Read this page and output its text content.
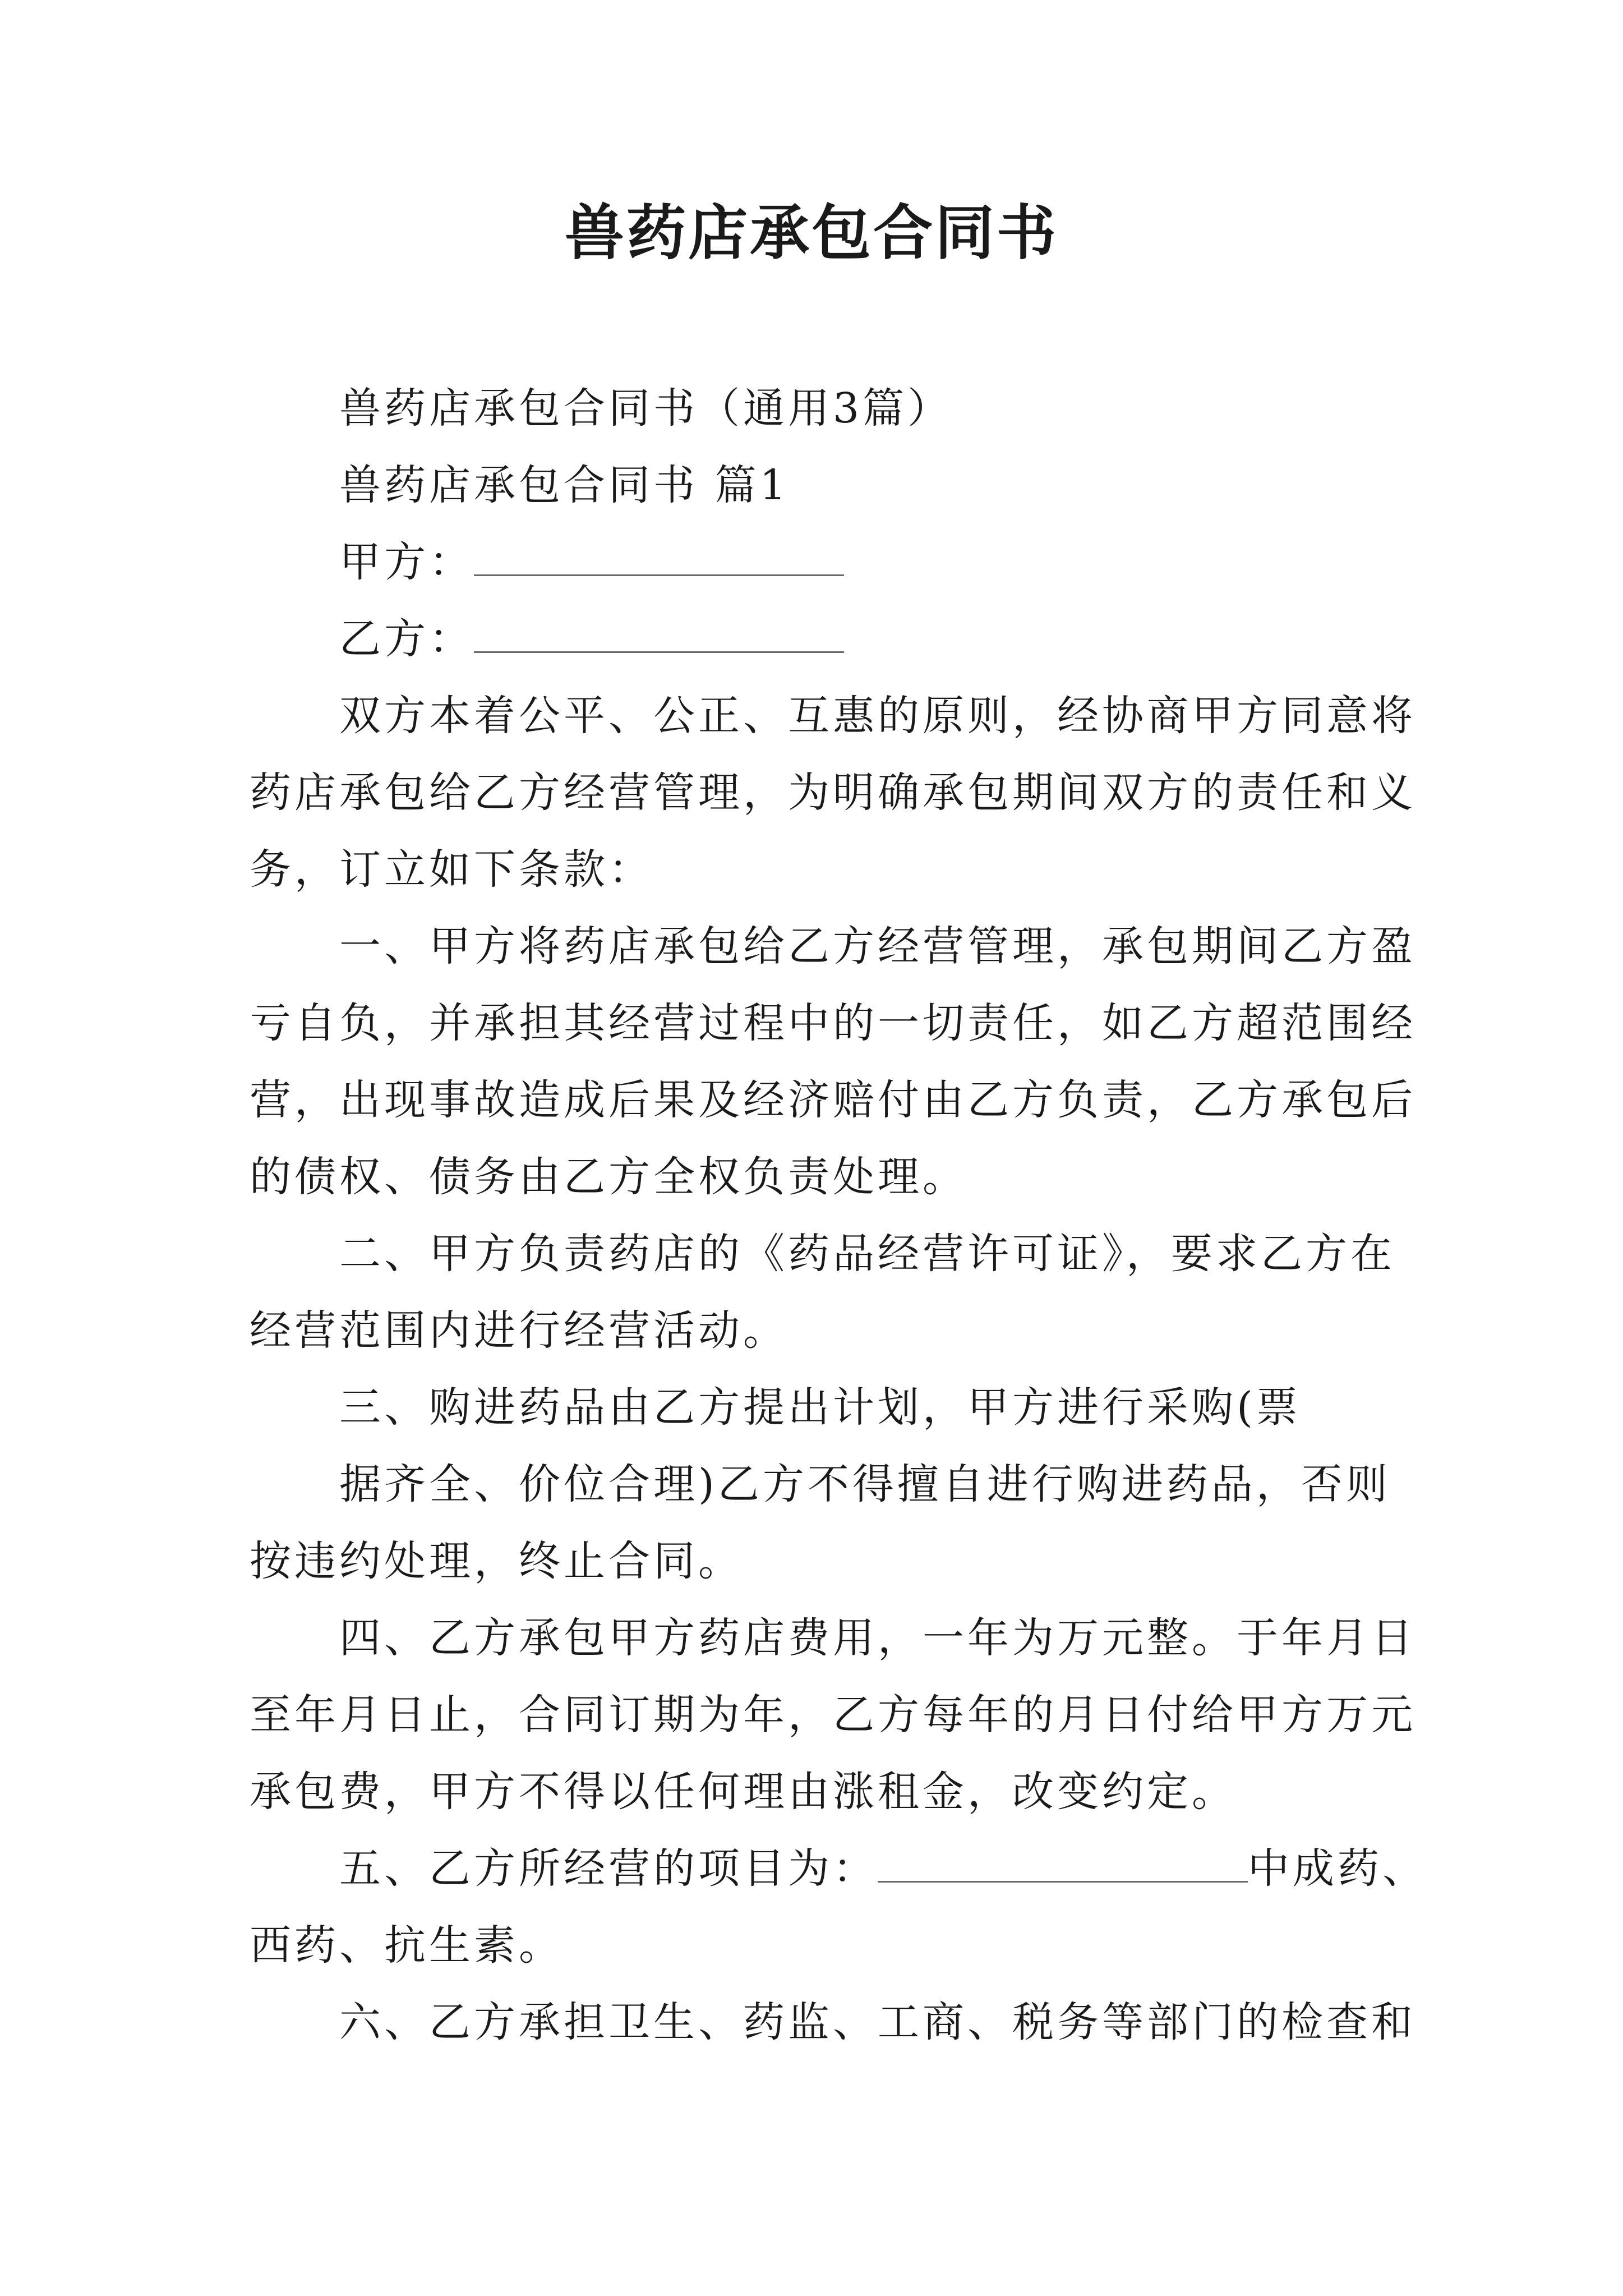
兽药店承包合同书

兽药店承包合同书（通用3篇）

兽药店承包合同书 篇1

甲方：

乙方：

双方本着公平、公正、互惠的原则，经协商甲方同意将

药店承包给乙方经营管理，为明确承包期间双方的责任和义

务，订立如下条款：

一、甲方将药店承包给乙方经营管理，承包期间乙方盈

亏自负，并承担其经营过程中的一切责任，如乙方超范围经

营，出现事故造成后果及经济赔付由乙方负责，乙方承包后

的债权、债务由乙方全权负责处理。

二、甲方负责药店的《药品经营许可证》，要求乙方在

经营范围内进行经营活动。

三、购进药品由乙方提出计划，甲方进行采购(票

据齐全、价位合理)乙方不得擅自进行购进药品，否则

按违约处理，终止合同。

四、乙方承包甲方药店费用，一年为万元整。于年月日

至年月日止，合同订期为年，乙方每年的月日付给甲方万元

承包费，甲方不得以任何理由涨租金，改变约定。

五、乙方所经营的项目为：	中成药、

西药、抗生素。

六、乙方承担卫生、药监、工商、税务等部门的检查和
